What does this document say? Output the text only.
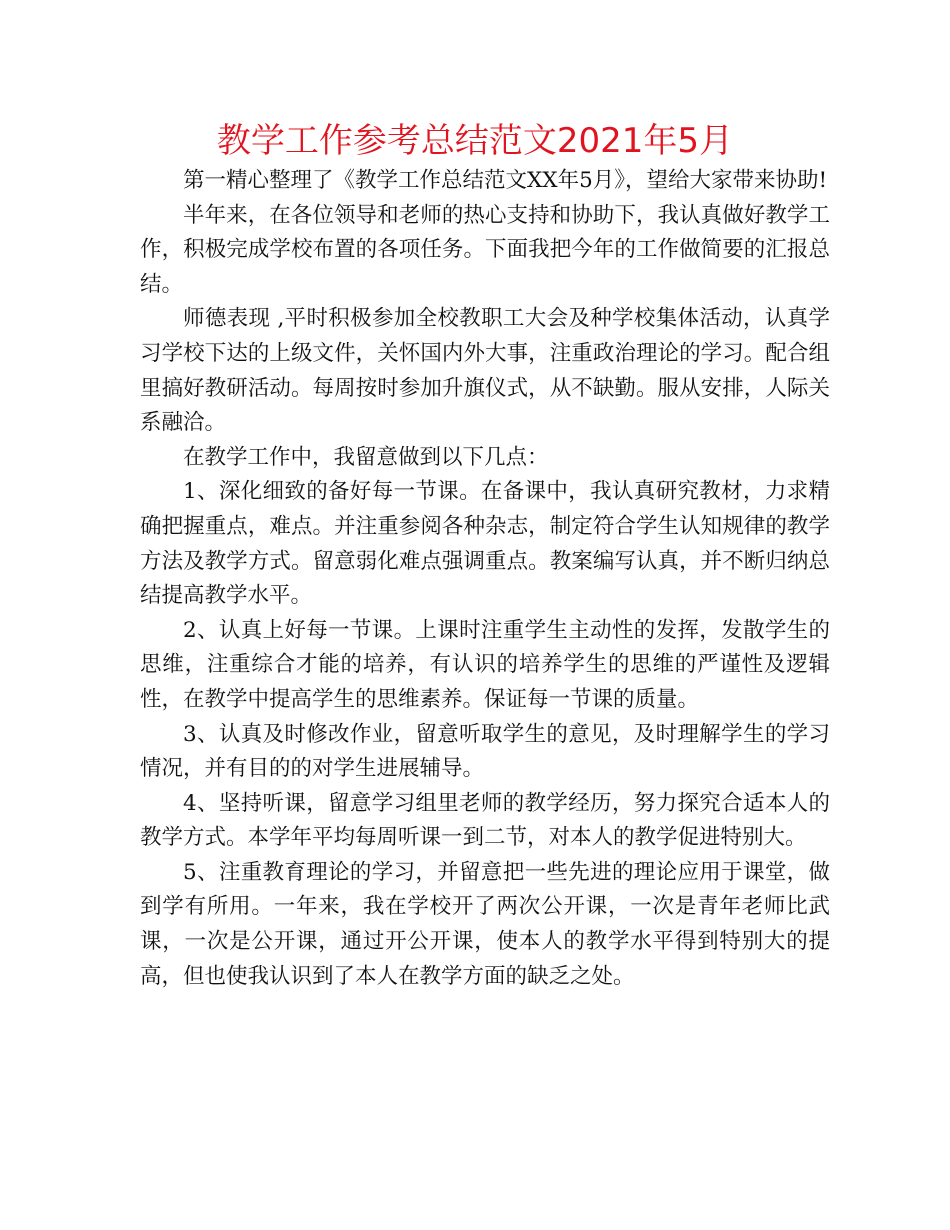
教学工作参考总结范文2021年5月

第一精心整理了《教学工作总结范文XX年5月》，望给大家带来协助!

半年来，在各位领导和老师的热心支持和协助下，我认真做好教学工作，积极完成学校布置的各项任务。下面我把今年的工作做简要的汇报总结。

师德表现 ,平时积极参加全校教职工大会及种学校集体活动，认真学习学校下达的上级文件，关怀国内外大事，注重政治理论的学习。配合组里搞好教研活动。每周按时参加升旗仪式，从不缺勤。服从安排，人际关系融洽。

在教学工作中，我留意做到以下几点：

1、深化细致的备好每一节课。在备课中，我认真研究教材，力求精确把握重点，难点。并注重参阅各种杂志，制定符合学生认知规律的教学方法及教学方式。留意弱化难点强调重点。教案编写认真，并不断归纳总结提高教学水平。

2、认真上好每一节课。上课时注重学生主动性的发挥，发散学生的思维，注重综合才能的培养，有认识的培养学生的思维的严谨性及逻辑性，在教学中提高学生的思维素养。保证每一节课的质量。

3、认真及时修改作业，留意听取学生的意见，及时理解学生的学习情况，并有目的的对学生进展辅导。

4、坚持听课，留意学习组里老师的教学经历，努力探究合适本人的教学方式。本学年平均每周听课一到二节，对本人的教学促进特别大。

5、注重教育理论的学习，并留意把一些先进的理论应用于课堂，做到学有所用。一年来，我在学校开了两次公开课，一次是青年老师比武课，一次是公开课，通过开公开课，使本人的教学水平得到特别大的提高，但也使我认识到了本人在教学方面的缺乏之处。
